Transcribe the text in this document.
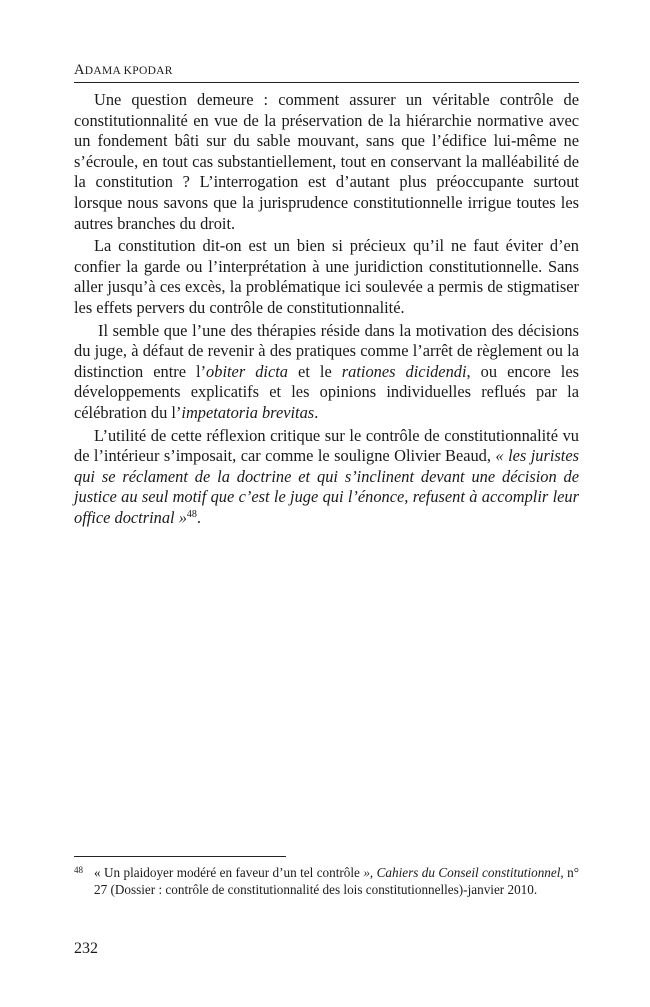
ADAMA KPODAR

Une question demeure : comment assurer un véritable contrôle de constitutionnalité en vue de la préservation de la hiérarchie normative avec un fondement bâti sur du sable mouvant, sans que l’édifice lui-même ne s’écroule, en tout cas substantiellement, tout en conservant la malléabilité de la constitution ? L’interrogation est d’autant plus préoccupante surtout lorsque nous savons que la jurisprudence constitutionnelle irrigue toutes les autres branches du droit.

La constitution dit-on est un bien si précieux qu’il ne faut éviter d’en confier la garde ou l’interprétation à une juridiction constitutionnelle. Sans aller jusqu’à ces excès, la problématique ici soulevée a permis de stigmatiser les effets pervers du contrôle de constitutionnalité.

Il semble que l’une des thérapies réside dans la motivation des décisions du juge, à défaut de revenir à des pratiques comme l’arrêt de règlement ou la distinction entre l’obiter dicta et le rationes dicidendi, ou encore les développements explicatifs et les opinions individuelles reflués par la célébration du l’impetatoria brevitas.

L’utilité de cette réflexion critique sur le contrôle de constitutionnalité vu de l’intérieur s’imposait, car comme le souligne Olivier Beaud, « les juristes qui se réclament de la doctrine et qui s’inclinent devant une décision de justice au seul motif que c’est le juge qui l’énonce, refusent à accomplir leur office doctrinal »$^{48}$.

48 « Un plaidoyer modéré en faveur d’un tel contrôle », Cahiers du Conseil constitutionnel, n° 27 (Dossier : contrôle de constitutionnalité des lois constitutionnelles)-janvier 2010.
232
